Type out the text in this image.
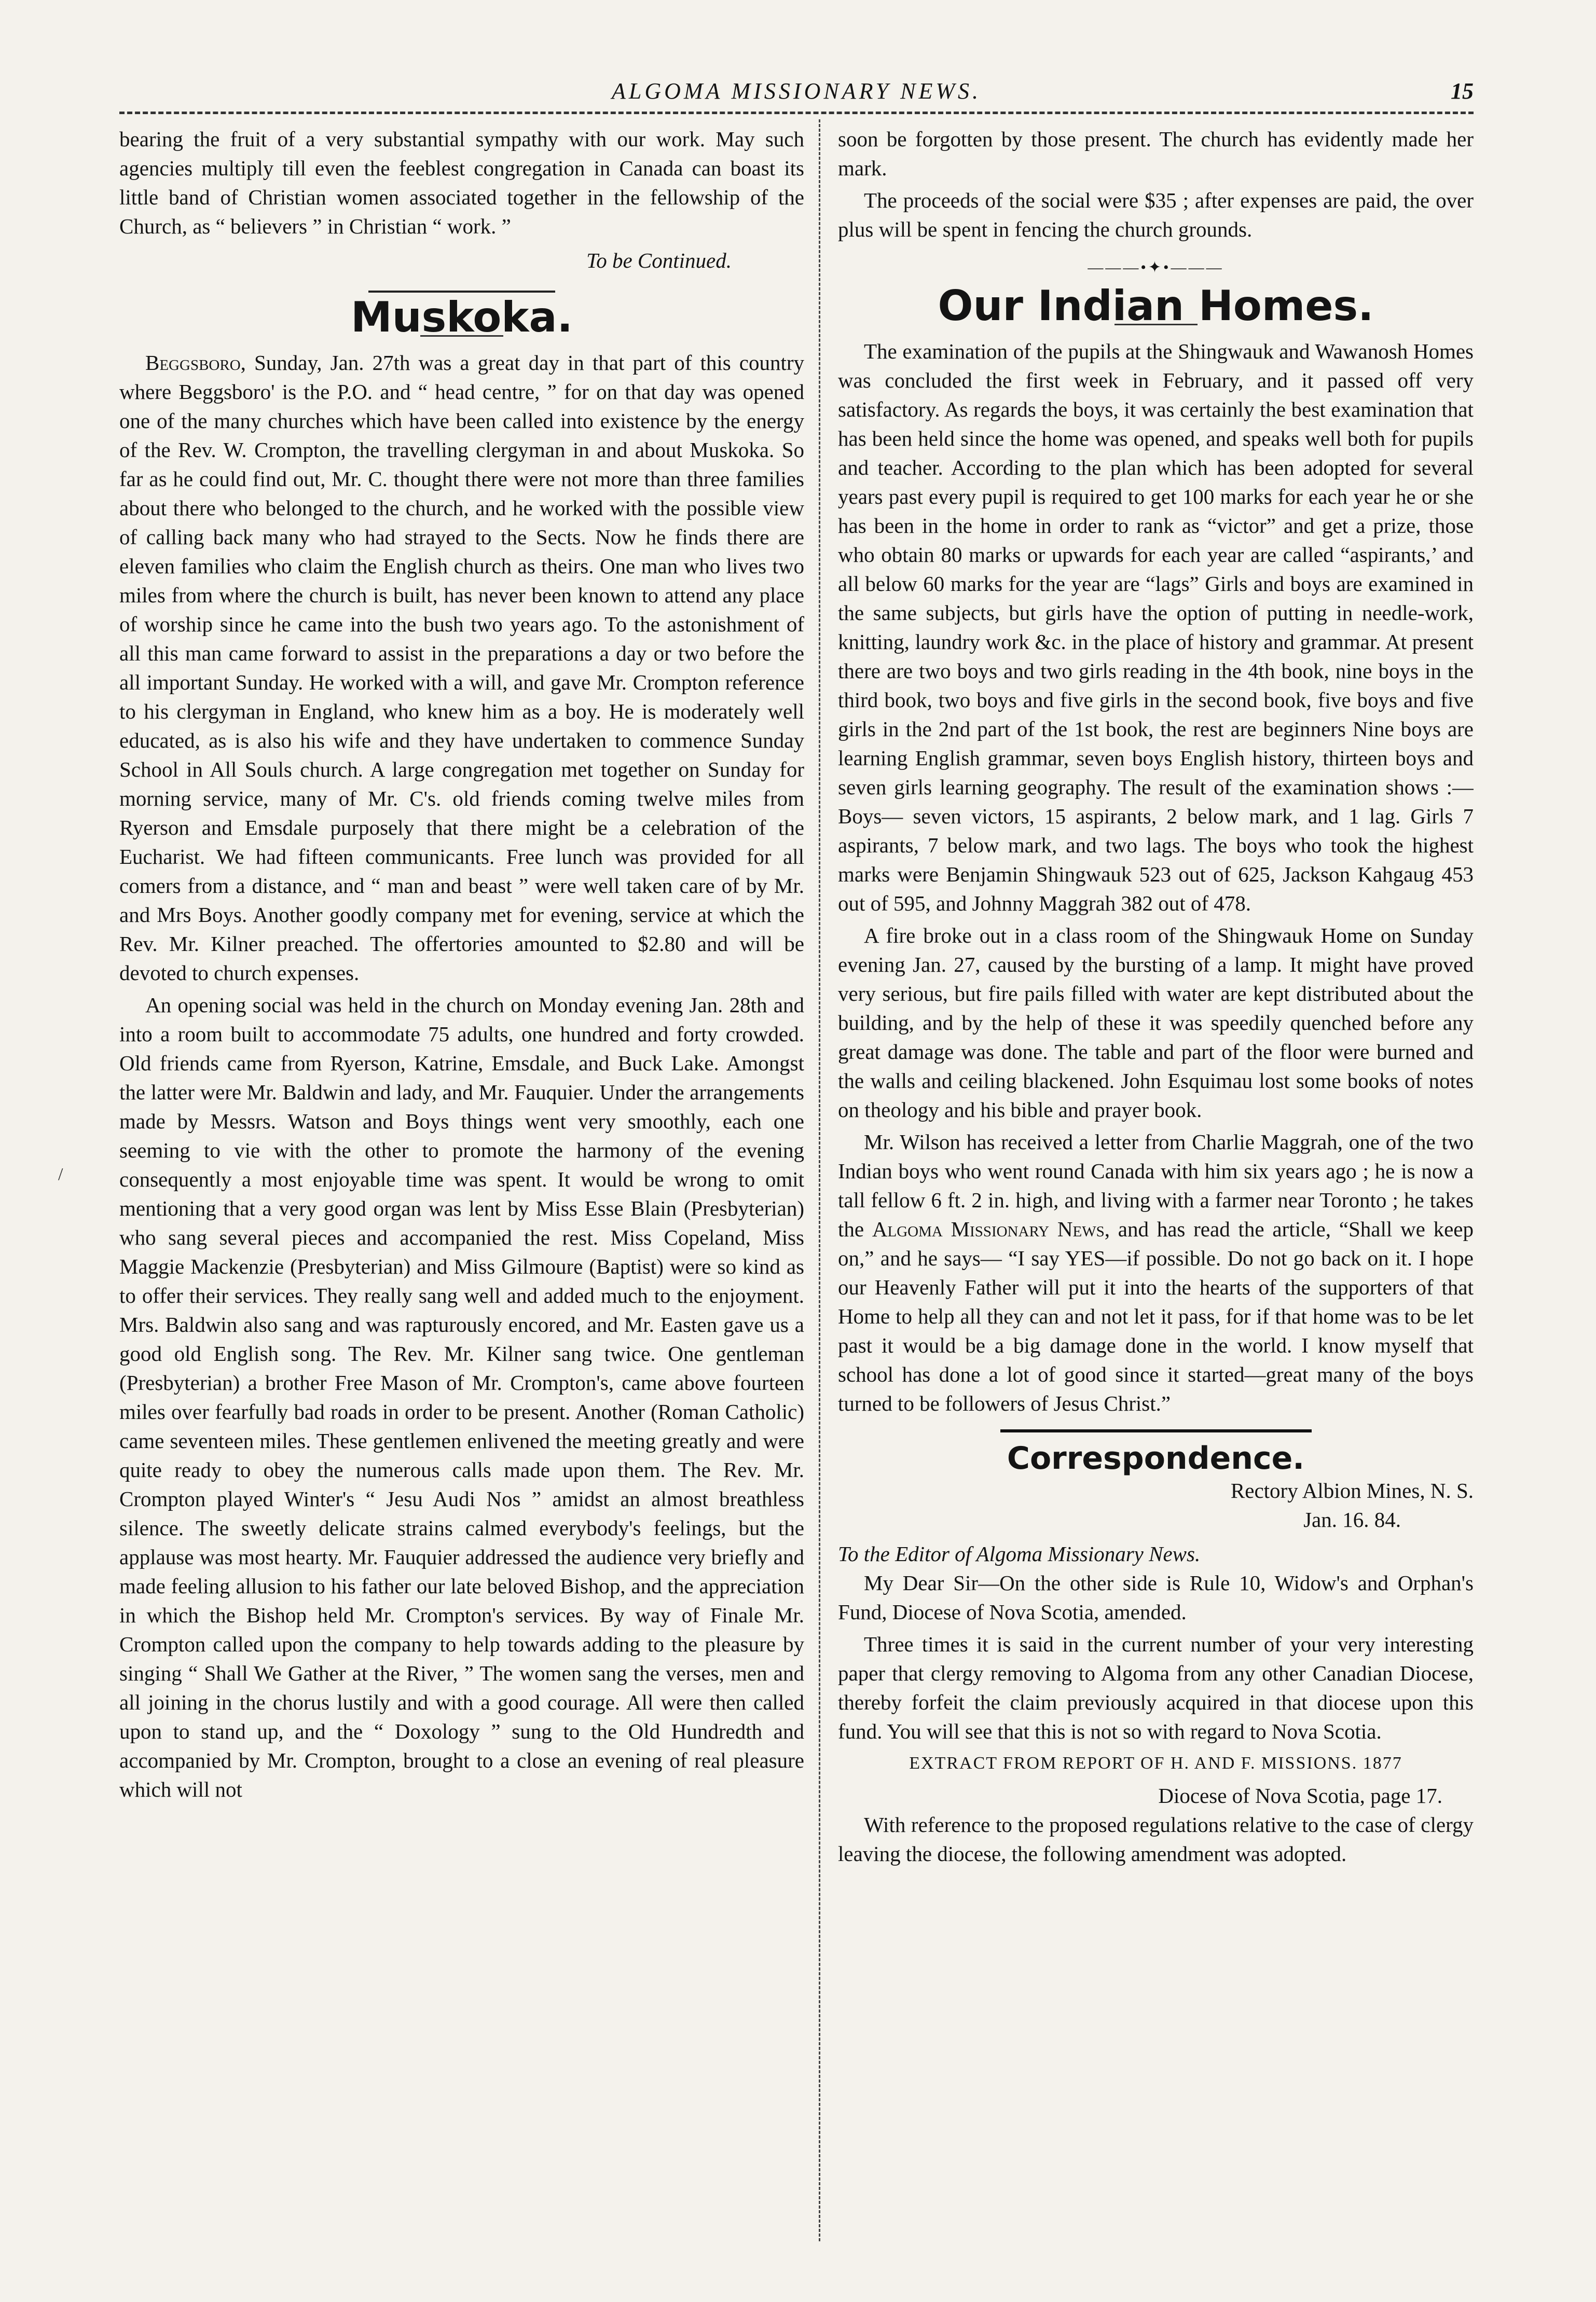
ALGOMA MISSIONARY NEWS.	15
/

bearing the fruit of a very substantial sympathy with our work. May such agencies multiply till even the feeblest congregation in Canada can boast its little band of Christian women associated together in the fellowship of the Church, as “ believers ” in Christian “ work. ”

To be Continued.
Muskoka.

Beggsboro, Sunday, Jan. 27th was a great day in that part of this country where Beggsboro' is the P.O. and “ head centre, ” for on that day was opened one of the many churches which have been called into existence by the energy of the Rev. W. Crompton, the travelling clergyman in and about Muskoka. So far as he could find out, Mr. C. thought there were not more than three families about there who belonged to the church, and he worked with the possible view of calling back many who had strayed to the Sects. Now he finds there are eleven families who claim the English church as theirs. One man who lives two miles from where the church is built, has never been known to attend any place of worship since he came into the bush two years ago. To the astonishment of all this man came forward to assist in the preparations a day or two before the all important Sunday. He worked with a will, and gave Mr. Crompton reference to his clergyman in England, who knew him as a boy. He is moderately well educated, as is also his wife and they have undertaken to commence Sunday School in All Souls church. A large congregation met together on Sunday for morning service, many of Mr. C's. old friends coming twelve miles from Ryerson and Emsdale purposely that there might be a celebration of the Eucharist. We had fifteen communicants. Free lunch was provided for all comers from a distance, and “ man and beast ” were well taken care of by Mr. and Mrs Boys. Another goodly company met for evening, service at which the Rev. Mr. Kilner preached. The offertories amounted to $2.80 and will be devoted to church expenses.

An opening social was held in the church on Monday evening Jan. 28th and into a room built to accommodate 75 adults, one hundred and forty crowded. Old friends came from Ryerson, Katrine, Emsdale, and Buck Lake. Amongst the latter were Mr. Baldwin and lady, and Mr. Fauquier. Under the arrangements made by Messrs. Watson and Boys things went very smoothly, each one seeming to vie with the other to promote the harmony of the evening consequently a most enjoyable time was spent. It would be wrong to omit mentioning that a very good organ was lent by Miss Esse Blain (Presbyterian) who sang several pieces and accompanied the rest. Miss Copeland, Miss Maggie Mackenzie (Presbyterian) and Miss Gilmoure (Baptist) were so kind as to offer their services. They really sang well and added much to the enjoyment. Mrs. Baldwin also sang and was rapturously encored, and Mr. Easten gave us a good old English song. The Rev. Mr. Kilner sang twice. One gentleman (Presbyterian) a brother Free Mason of Mr. Crompton's, came above fourteen miles over fearfully bad roads in order to be present. Another (Roman Catholic) came seventeen miles. These gentlemen enlivened the meeting greatly and were quite ready to obey the numerous calls made upon them. The Rev. Mr. Crompton played Winter's “ Jesu Audi Nos ” amidst an almost breathless silence. The sweetly delicate strains calmed everybody's feelings, but the applause was most hearty. Mr. Fauquier addressed the audience very briefly and made feeling allusion to his father our late beloved Bishop, and the appreciation in which the Bishop held Mr. Crompton's services. By way of Finale Mr. Crompton called upon the company to help towards adding to the pleasure by singing “ Shall We Gather at the River, ” The women sang the verses, men and all joining in the chorus lustily and with a good courage. All were then called upon to stand up, and the “ Doxology ” sung to the Old Hundredth and accompanied by Mr. Crompton, brought to a close an evening of real pleasure which will not

soon be forgotten by those present. The church has evidently made her mark.

The proceeds of the social were $35 ; after expenses are paid, the over plus will be spent in fencing the church grounds.

———•✦•———
Our Indian Homes.

The examination of the pupils at the Shingwauk and Wawanosh Homes was concluded the first week in February, and it passed off very satisfactory. As regards the boys, it was certainly the best examination that has been held since the home was opened, and speaks well both for pupils and teacher. According to the plan which has been adopted for several years past every pupil is required to get 100 marks for each year he or she has been in the home in order to rank as “victor” and get a prize, those who obtain 80 marks or upwards for each year are called “aspirants,’ and all below 60 marks for the year are “lags” Girls and boys are examined in the same subjects, but girls have the option of putting in needle-work, knitting, laundry work &c. in the place of history and grammar. At present there are two boys and two girls reading in the 4th book, nine boys in the third book, two boys and five girls in the second book, five boys and five girls in the 2nd part of the 1st book, the rest are beginners Nine boys are learning English grammar, seven boys English history, thirteen boys and seven girls learning geography. The result of the examination shows :—Boys— seven victors, 15 aspirants, 2 below mark, and 1 lag. Girls 7 aspirants, 7 below mark, and two lags. The boys who took the highest marks were Benjamin Shingwauk 523 out of 625, Jackson Kahgaug 453 out of 595, and Johnny Maggrah 382 out of 478.

A fire broke out in a class room of the Shingwauk Home on Sunday evening Jan. 27, caused by the bursting of a lamp. It might have proved very serious, but fire pails filled with water are kept distributed about the building, and by the help of these it was speedily quenched before any great damage was done. The table and part of the floor were burned and the walls and ceiling blackened. John Esquimau lost some books of notes on theology and his bible and prayer book.

Mr. Wilson has received a letter from Charlie Maggrah, one of the two Indian boys who went round Canada with him six years ago ; he is now a tall fellow 6 ft. 2 in. high, and living with a farmer near Toronto ; he takes the Algoma Missionary News, and has read the article, “Shall we keep on,” and he says— “I say YES—if possible. Do not go back on it. I hope our Heavenly Father will put it into the hearts of the supporters of that Home to help all they can and not let it pass, for if that home was to be let past it would be a big damage done in the world. I know myself that school has done a lot of good since it started—great many of the boys turned to be followers of Jesus Christ.”

Correspondence.
Rectory Albion Mines, N. S.
Jan. 16. 84.
To the Editor of Algoma Missionary News.

My Dear Sir—On the other side is Rule 10, Widow's and Orphan's Fund, Diocese of Nova Scotia, amended.

Three times it is said in the current number of your very interesting paper that clergy removing to Algoma from any other Canadian Diocese, thereby forfeit the claim previously acquired in that diocese upon this fund. You will see that this is not so with regard to Nova Scotia.

EXTRACT FROM REPORT OF H. AND F. MISSIONS. 1877
Diocese of Nova Scotia, page 17.

With reference to the proposed regulations relative to the case of clergy leaving the diocese, the following amendment was adopted.
